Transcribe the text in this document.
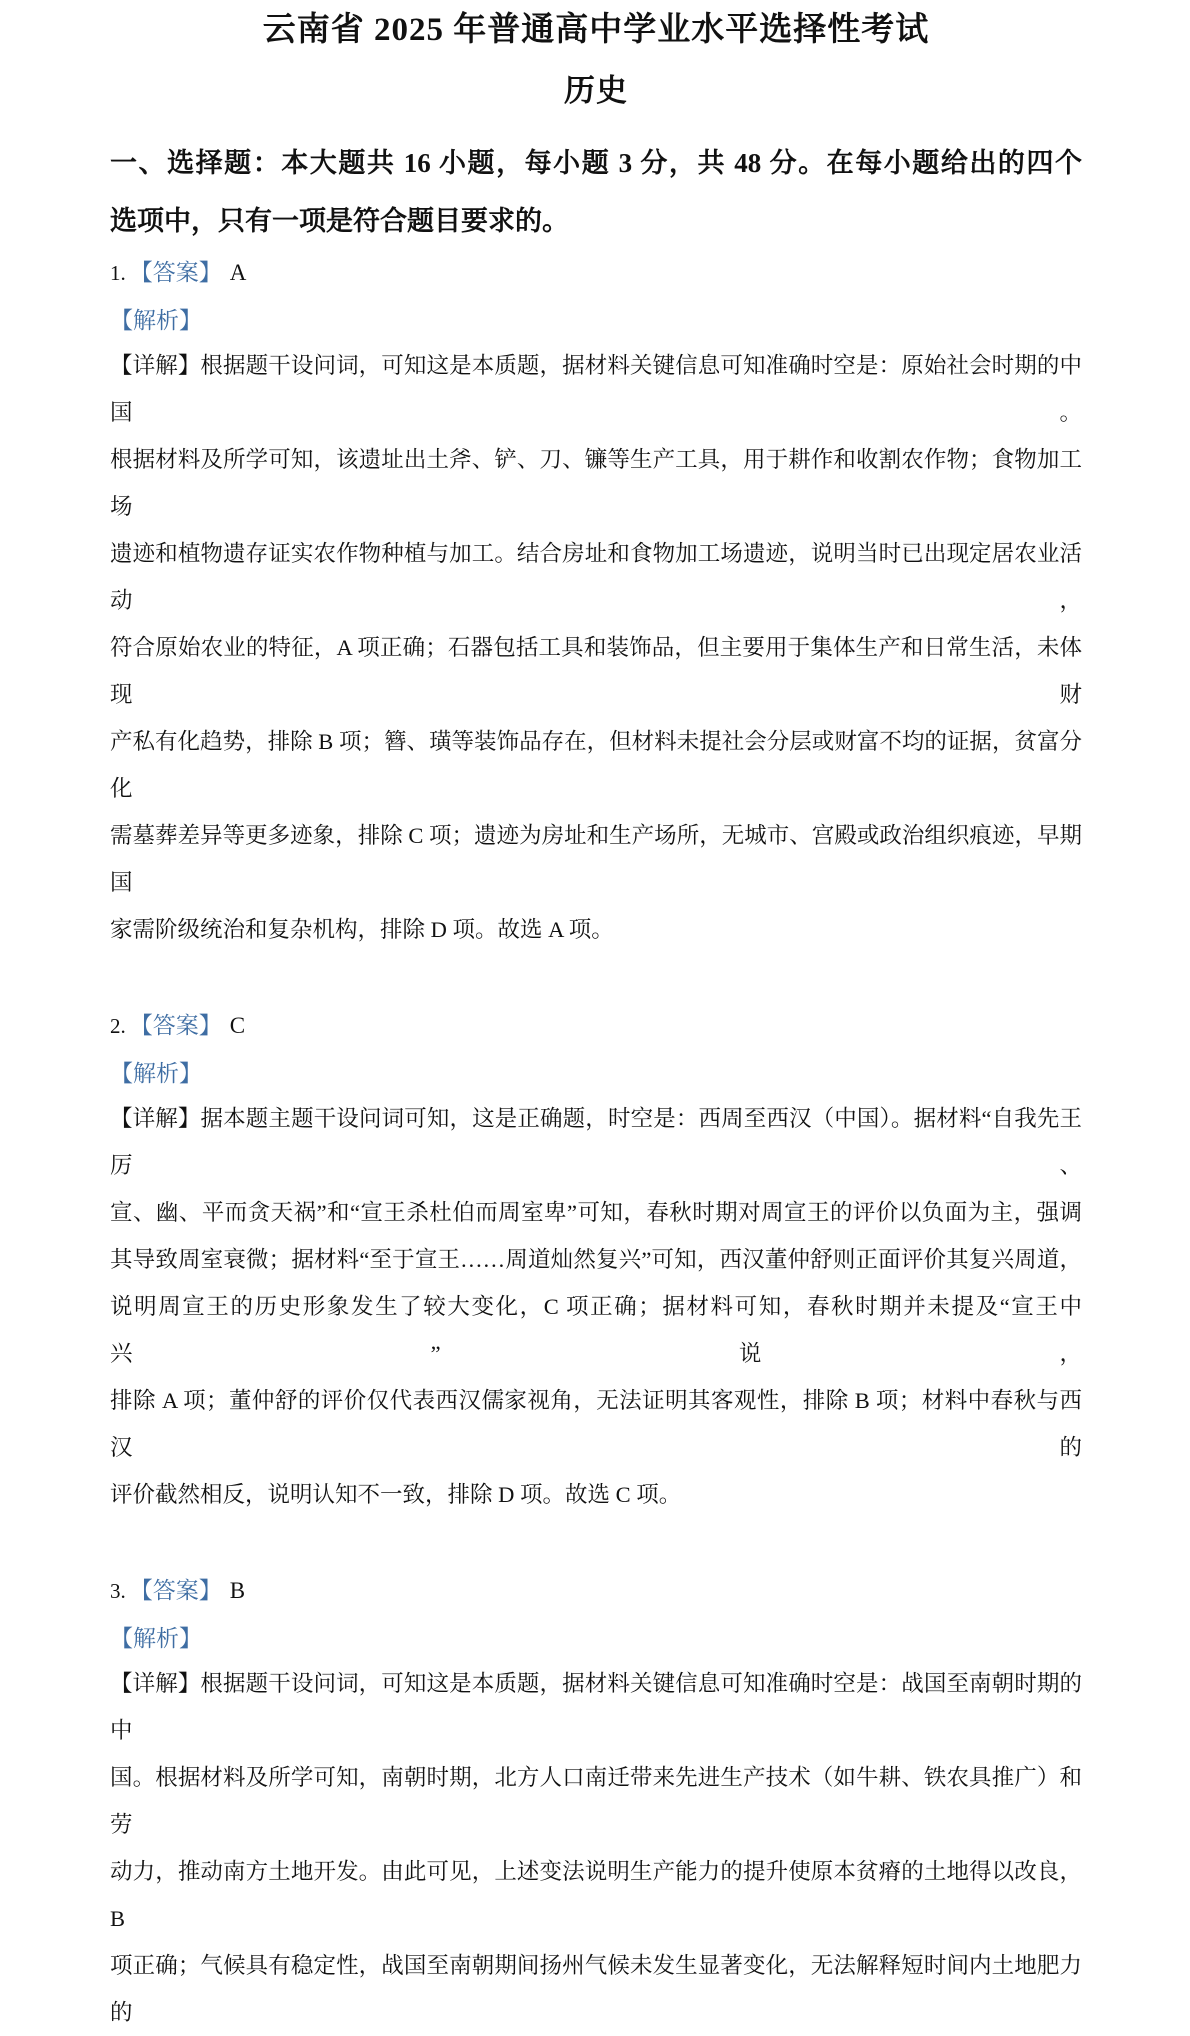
云南省 2025 年普通高中学业水平选择性考试
历史
一、选择题：本大题共 16 小题，每小题 3 分，共 48 分。在每小题给出的四个
选项中，只有一项是符合题目要求的。
1. 【答案】 A
【解析】
【详解】根据题干设问词，可知这是本质题，据材料关键信息可知准确时空是：原始社会时期的中国。
根据材料及所学可知，该遗址出土斧、铲、刀、镰等生产工具，用于耕作和收割农作物；食物加工场
遗迹和植物遗存证实农作物种植与加工。结合房址和食物加工场遗迹，说明当时已出现定居农业活动，
符合原始农业的特征，A 项正确；石器包括工具和装饰品，但主要用于集体生产和日常生活，未体现财
产私有化趋势，排除 B 项；簪、璜等装饰品存在，但材料未提社会分层或财富不均的证据，贫富分化
需墓葬差异等更多迹象，排除 C 项；遗迹为房址和生产场所，无城市、宫殿或政治组织痕迹，早期国
家需阶级统治和复杂机构，排除 D 项。故选 A 项。
2. 【答案】 C
【解析】
【详解】据本题主题干设问词可知，这是正确题，时空是：西周至西汉（中国）。据材料“自我先王厉、
宣、幽、平而贪天祸”和“宣王杀杜伯而周室卑”可知，春秋时期对周宣王的评价以负面为主，强调
其导致周室衰微；据材料“至于宣王……周道灿然复兴”可知，西汉董仲舒则正面评价其复兴周道，
说明周宣王的历史形象发生了较大变化，C 项正确；据材料可知，春秋时期并未提及“宣王中兴”说，
排除 A 项；董仲舒的评价仅代表西汉儒家视角，无法证明其客观性，排除 B 项；材料中春秋与西汉的
评价截然相反，说明认知不一致，排除 D 项。故选 C 项。
3. 【答案】 B
【解析】
【详解】根据题干设问词，可知这是本质题，据材料关键信息可知准确时空是：战国至南朝时期的中
国。根据材料及所学可知，南朝时期，北方人口南迁带来先进生产技术（如牛耕、铁农具推广）和劳
动力，推动南方土地开发。由此可见，上述变法说明生产能力的提升使原本贫瘠的土地得以改良，B
项正确；气候具有稳定性，战国至南朝期间扬州气候未发生显著变化，无法解释短时间内土地肥力的
